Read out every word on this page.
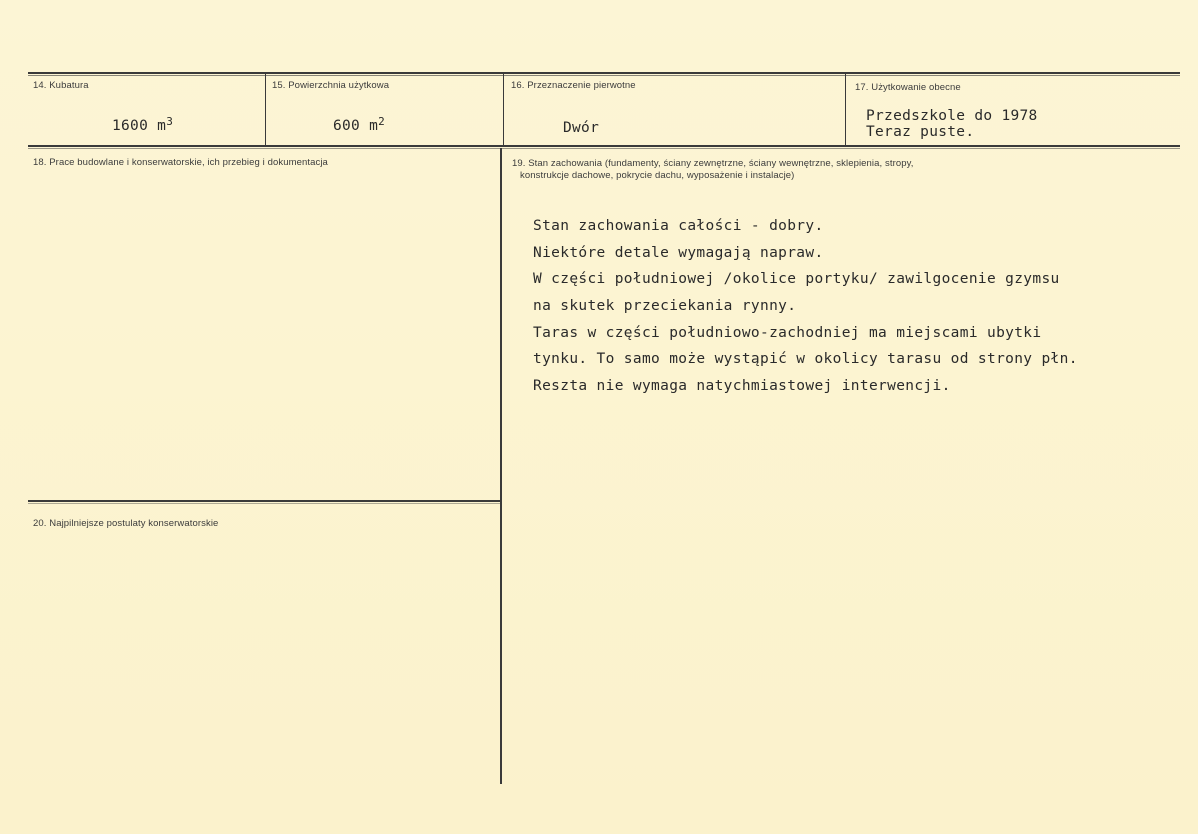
14. Kubatura
1600 $m^3$
15. Powierzchnia użytkowa
600 $m^2$
16. Przeznaczenie pierwotne
Dwór
17. Użytkowanie obecne
Przedszkole do 1978
Teraz puste.
18. Prace budowlane i konserwatorskie, ich przebieg i dokumentacja	19. Stan zachowania (fundamenty, ściany zewnętrzne, ściany wewnętrzne, sklepienia, stropy,
konstrukcje dachowe, pokrycie dachu, wyposażenie i instalacje)
Stan zachowania całości - dobry.
Niektóre detale wymagają napraw.
W części południowej /okolice portyku/ zawilgocenie gzymsu
na skutek przeciekania rynny.
Taras w części południowo-zachodniej ma miejscami ubytki
tynku. To samo może wystąpić w okolicy tarasu od strony płn.
Reszta nie wymaga natychmiastowej interwencji.
20. Najpilniejsze postulaty konserwatorskie
